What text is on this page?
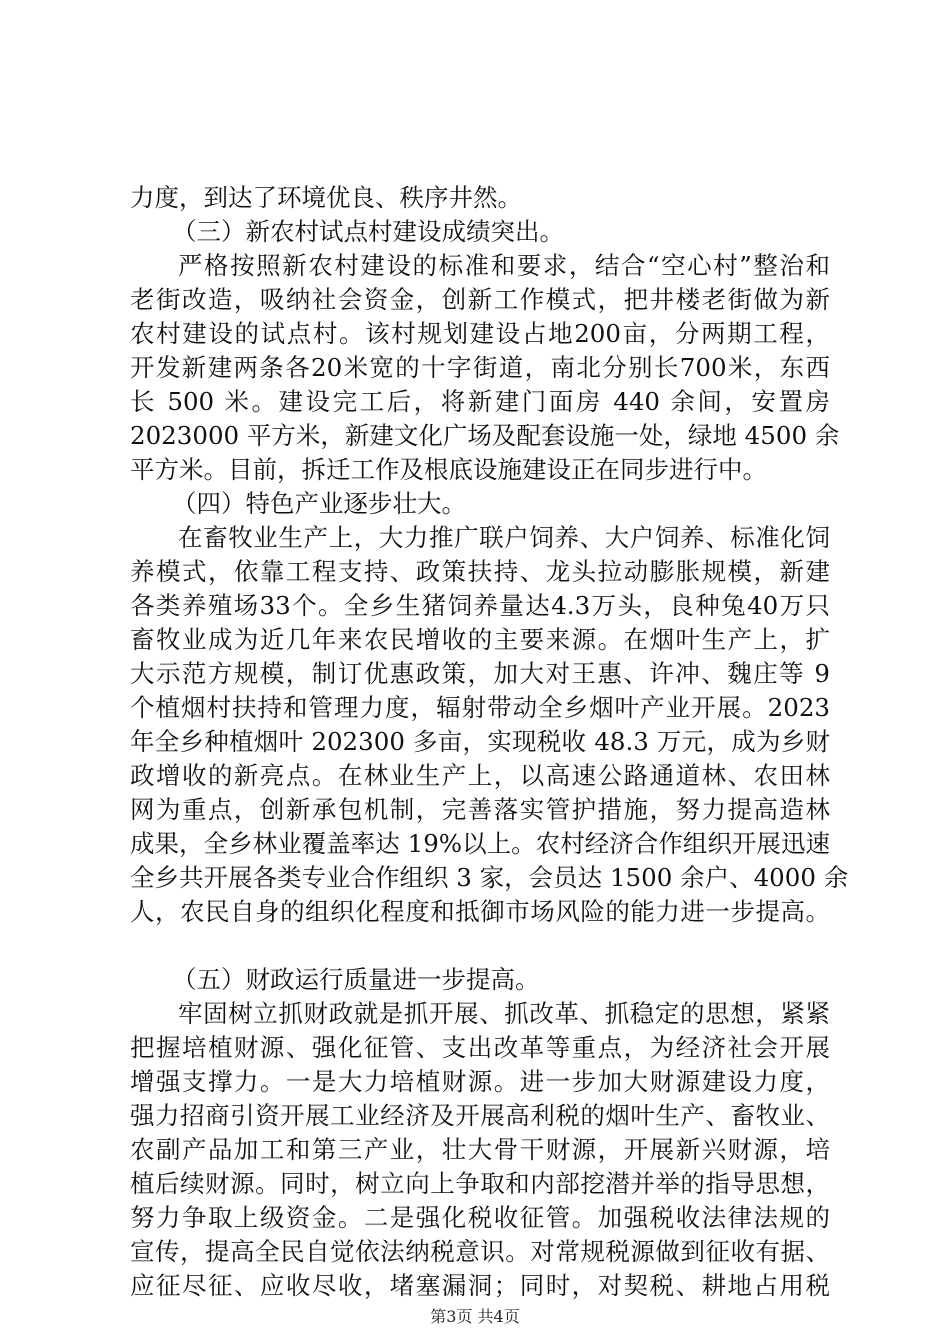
力度，到达了环境优良、秩序井然。
（三）新农村试点村建设成绩突出。
严格按照新农村建设的标准和要求，结合“空心村”整治和
老街改造，吸纳社会资金，创新工作模式，把井楼老街做为新
农村建设的试点村。该村规划建设占地200亩，分两期工程，
开发新建两条各20米宽的十字街道，南北分别长700米，东西
长 500 米。建设完工后，将新建门面房 440 余间，安置房
2023000 平方米，新建文化广场及配套设施一处，绿地 4500 余
平方米。目前，拆迁工作及根底设施建设正在同步进行中。
（四）特色产业逐步壮大。
在畜牧业生产上，大力推广联户饲养、大户饲养、标准化饲
养模式，依靠工程支持、政策扶持、龙头拉动膨胀规模，新建
各类养殖场33个。全乡生猪饲养量达4.3万头，良种兔40万只
畜牧业成为近几年来农民增收的主要来源。在烟叶生产上，扩
大示范方规模，制订优惠政策，加大对王惠、许冲、魏庄等 9
个植烟村扶持和管理力度，辐射带动全乡烟叶产业开展。2023
年全乡种植烟叶 202300 多亩，实现税收 48.3 万元，成为乡财
政增收的新亮点。在林业生产上，以高速公路通道林、农田林
网为重点，创新承包机制，完善落实管护措施，努力提高造林
成果，全乡林业覆盖率达 19%以上。农村经济合作组织开展迅速
全乡共开展各类专业合作组织 3 家，会员达 1500 余户、4000 余
人，农民自身的组织化程度和抵御市场风险的能力进一步提高。
（五）财政运行质量进一步提高。
牢固树立抓财政就是抓开展、抓改革、抓稳定的思想，紧紧
把握培植财源、强化征管、支出改革等重点，为经济社会开展
增强支撑力。一是大力培植财源。进一步加大财源建设力度，
强力招商引资开展工业经济及开展高利税的烟叶生产、畜牧业、
农副产品加工和第三产业，壮大骨干财源，开展新兴财源，培
植后续财源。同时，树立向上争取和内部挖潜并举的指导思想，
努力争取上级资金。二是强化税收征管。加强税收法律法规的
宣传，提高全民自觉依法纳税意识。对常规税源做到征收有据、
应征尽征、应收尽收，堵塞漏洞；同时，对契税、耕地占用税
第3页 共4页
